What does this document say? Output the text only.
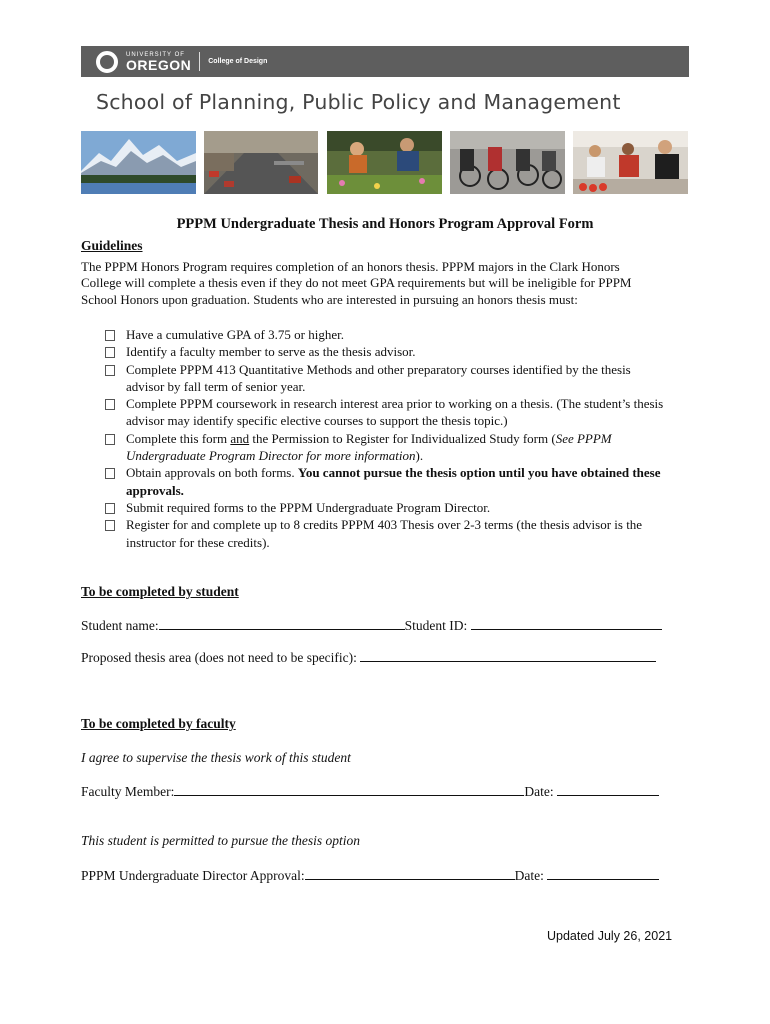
UNIVERSITY OF
OREGON College of Design
School of Planning, Public Policy and Management
PPPM Undergraduate Thesis and Honors Program Approval Form
Guidelines
The PPPM Honors Program requires completion of an honors thesis. PPPM majors in the Clark Honors College will complete a thesis even if they do not meet GPA requirements but will be ineligible for PPPM School Honors upon graduation. Students who are interested in pursuing an honors thesis must:
Have a cumulative GPA of 3.75 or higher.
Identify a faculty member to serve as the thesis advisor.
Complete PPPM 413 Quantitative Methods and other preparatory courses identified by the thesis advisor by fall term of senior year.
Complete PPPM coursework in research interest area prior to working on a thesis. (The student’s thesis advisor may identify specific elective courses to support the thesis topic.)
Complete this form and the Permission to Register for Individualized Study form (See PPPM Undergraduate Program Director for more information).
Obtain approvals on both forms. You cannot pursue the thesis option until you have obtained these approvals.
Submit required forms to the PPPM Undergraduate Program Director.
Register for and complete up to 8 credits PPPM 403 Thesis over 2-3 terms (the thesis advisor is the instructor for these credits).
To be completed by student
Student name:	Student ID:
Proposed thesis area (does not need to be specific):
To be completed by faculty
I agree to supervise the thesis work of this student
Faculty Member:	Date:
This student is permitted to pursue the thesis option
PPPM Undergraduate Director Approval:	Date:
Updated July 26, 2021
